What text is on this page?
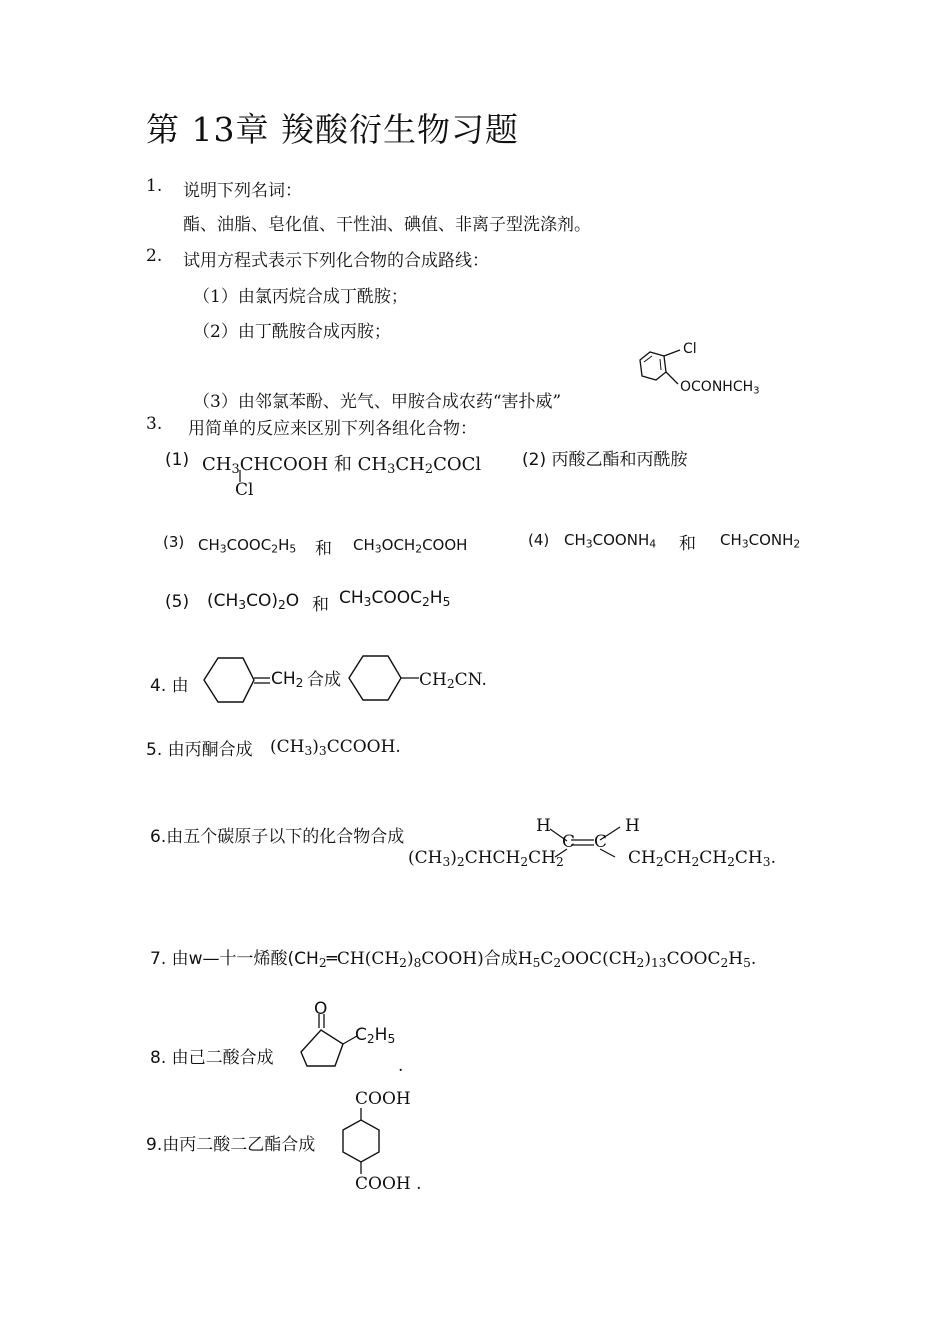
第 13章 羧酸衍生物习题
1. 说明下列名词：
酯、油脂、皂化值、干性油、碘值、非离子型洗涤剂。
2. 试用方程式表示下列化合物的合成路线：
（1）由氯丙烷合成丁酰胺；
（2）由丁酰胺合成丙胺；
（3）由邻氯苯酚、光气、甲胺合成农药“害扑威”
Cl
$OCONHCH_3$
3. 用简单的反应来区别下列各组化合物：
(1) $CH_3CHCOOH$ 和 $CH_3CH_2COCl$
Cl
(2) 丙酸乙酯和丙酰胺
(3) $CH_3COOC_2H_5$ 和 $CH_3OCH_2COOH$	(4) $CH_3COONH_4$ 和 $CH_3CONH_2$
(5) $(CH_3CO)_2O$ 和 $CH_3COOC_2H_5$
4. 由	$CH_2$ 合成	$CH_2CN$.
5. 由丙酮合成 $(CH_3)_3CCOOH$.
6.由五个碳原子以下的化合物合成
H	H
C C
$(CH_3)_2CHCH_2CH_2$	$CH_2CH_2CH_2CH_3$.
7. 由w—十一烯酸$(CH_2═CH(CH_2)_8COOH)$合成$H_5C_2OOC(CH_2)_{13}COOC_2H_5$.
8. 由己二酸合成
O
$C_2H_5$
.
9.由丙二酸二乙酯合成
COOH
COOH .
